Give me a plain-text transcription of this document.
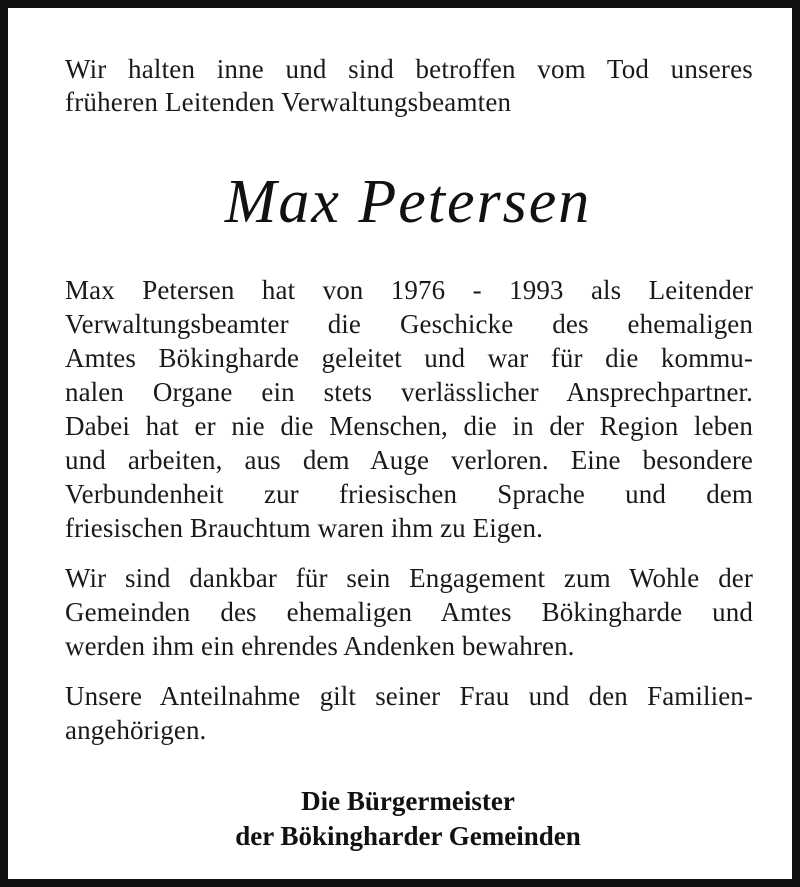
Wir halten inne und sind betroffen vom Tod unseres
früheren Leitenden Verwaltungsbeamten
Max Petersen
Max Petersen hat von 1976 - 1993 als Leitender
Verwaltungsbeamter die Geschicke des ehemaligen
Amtes Bökingharde geleitet und war für die kommu-
nalen Organe ein stets verlässlicher Ansprechpartner.
Dabei hat er nie die Menschen, die in der Region leben
und arbeiten, aus dem Auge verloren. Eine besondere
Verbundenheit zur friesischen Sprache und dem
friesischen Brauchtum waren ihm zu Eigen.
Wir sind dankbar für sein Engagement zum Wohle der
Gemeinden des ehemaligen Amtes Bökingharde und
werden ihm ein ehrendes Andenken bewahren.
Unsere Anteilnahme gilt seiner Frau und den Familien-
angehörigen.
Die Bürgermeister
der Bökingharder Gemeinden
